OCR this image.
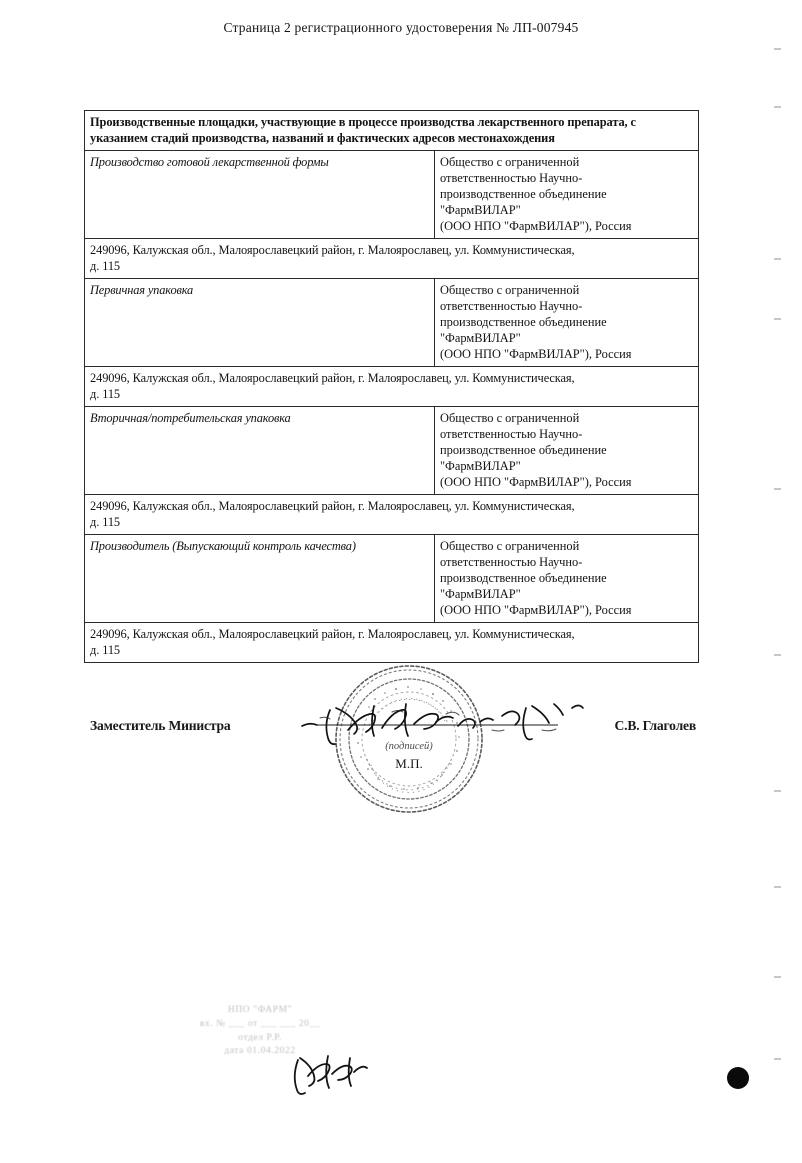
Страница 2 регистрационного удостоверения № ЛП-007945
Производственные площадки, участвующие в процессе производства лекарственного препарата, с указанием стадий производства, названий и фактических адресов местонахождения	
Производство готовой лекарственной формы	Общество с ограниченной
ответственностью Научно-
производственное объединение
"ФармВИЛАР"
(ООО НПО "ФармВИЛАР"), Россия

249096, Калужская обл., Малоярославецкий район, г. Малоярославец, ул. Коммунистическая,
д. 115	

Первичная упаковка	Общество с ограниченной
ответственностью Научно-
производственное объединение
"ФармВИЛАР"
(ООО НПО "ФармВИЛАР"), Россия

249096, Калужская обл., Малоярославецкий район, г. Малоярославец, ул. Коммунистическая,
д. 115	

Вторичная/потребительская упаковка	Общество с ограниченной
ответственностью Научно-
производственное объединение
"ФармВИЛАР"
(ООО НПО "ФармВИЛАР"), Россия

249096, Калужская обл., Малоярославецкий район, г. Малоярославец, ул. Коммунистическая,
д. 115	

Производитель (Выпускающий контроль качества)	Общество с ограниченной
ответственностью Научно-
производственное объединение
"ФармВИЛАР"
(ООО НПО "ФармВИЛАР"), Россия

249096, Калужская обл., Малоярославецкий район, г. Малоярославец, ул. Коммунистическая,
д. 115	
(подписей)
М.П.
Заместитель Министра	С.В. Глаголев
НПО "ФАРМ"
вх. № ___ от ___ ___ 20__
отдел Р.Р.
дата 01.04.2022
